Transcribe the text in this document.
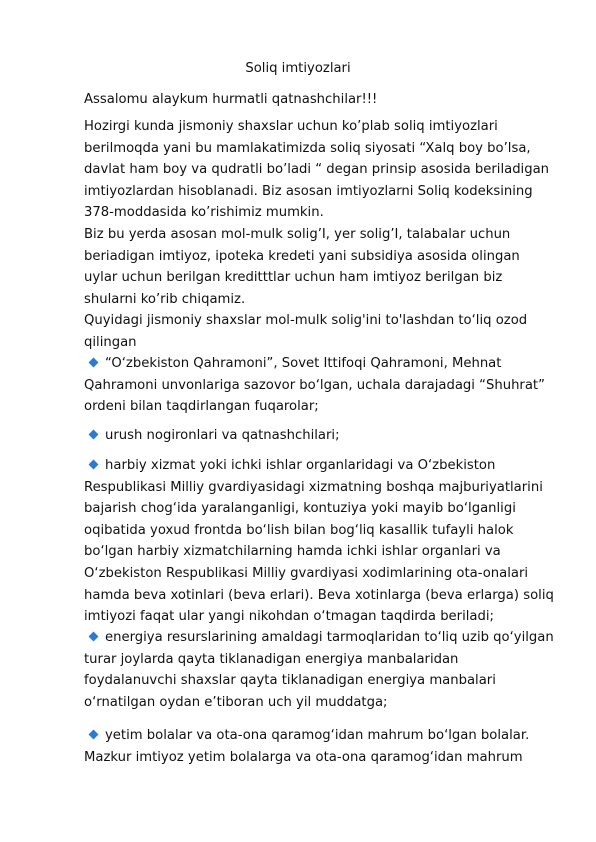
Soliq imtiyozlari

Assalomu alaykum hurmatli qatnashchilar!!!

Hozirgi kunda jismoniy shaxslar uchun ko’plab soliq imtiyozlari berilmoqda yani bu mamlakatimizda soliq siyosati “Xalq boy bo’lsa, davlat ham boy va qudratli bo’ladi “ degan prinsip asosida beriladigan imtiyozlardan hisoblanadi. Biz asosan imtiyozlarni Soliq kodeksining 378-moddasida ko’rishimiz mumkin.
Biz bu yerda asosan mol-mulk solig’I, yer solig’I, talabalar uchun beriadigan imtiyoz, ipoteka kredeti yani subsidiya asosida olingan uylar uchun berilgan kreditttlar uchun ham imtiyoz berilgan biz shularni ko’rib chiqamiz.
Quyidagi jismoniy shaxslar mol-mulk solig'ini to'lashdan to‘liq ozod qilingan

“O‘zbekiston Qahramoni”, Sovet Ittifoqi Qahramoni, Mehnat Qahramoni unvonlariga sazovor bo‘lgan, uchala darajadagi “Shuhrat” ordeni bilan taqdirlangan fuqarolar;
urush nogironlari va qatnashchilari;
harbiy xizmat yoki ichki ishlar organlaridagi va O‘zbekiston Respublikasi Milliy gvardiyasidagi xizmatning boshqa majburiyatlarini bajarish chog‘ida yaralanganligi, kontuziya yoki mayib bo‘lganligi oqibatida yoxud frontda bo‘lish bilan bog‘liq kasallik tufayli halok bo‘lgan harbiy xizmatchilarning hamda ichki ishlar organlari va O‘zbekiston Respublikasi Milliy gvardiyasi xodimlarining ota-onalari hamda beva xotinlari (beva erlari). Beva xotinlarga (beva erlarga) soliq imtiyozi faqat ular yangi nikohdan o‘tmagan taqdirda beriladi;
energiya resurslarining amaldagi tarmoqlaridan to‘liq uzib qo‘yilgan turar joylarda qayta tiklanadigan energiya manbalaridan foydalanuvchi shaxslar qayta tiklanadigan energiya manbalari o‘rnatilgan oydan e’tiboran uch yil muddatga;
yetim bolalar va ota-ona qaramog‘idan mahrum bo‘lgan bolalar. Mazkur imtiyoz yetim bolalarga va ota-ona qaramog‘idan mahrum
